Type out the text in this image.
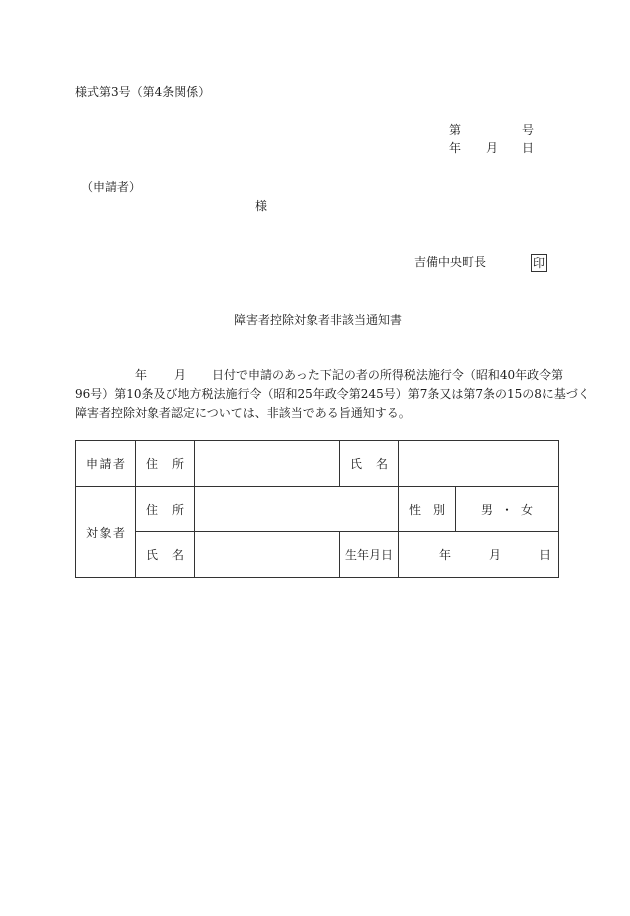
様式第3号（第4条関係）
第	号
年 月 日
（申請者）
様
吉備中央町長	印
障害者控除対象者非該当通知書
年 月 日付で申請のあった下記の者の所得税法施行令（昭和40年政令第
96号）第10条及び地方税法施行令（昭和25年政令第245号）第7条又は第7条の15の8に基づく
障害者控除対象者認定については、非該当である旨通知する。
申 請 者	住 所		氏 名		

対 象 者	住 所			性 別	男 ・ 女

	氏 名		生年月日	年 月 日	
